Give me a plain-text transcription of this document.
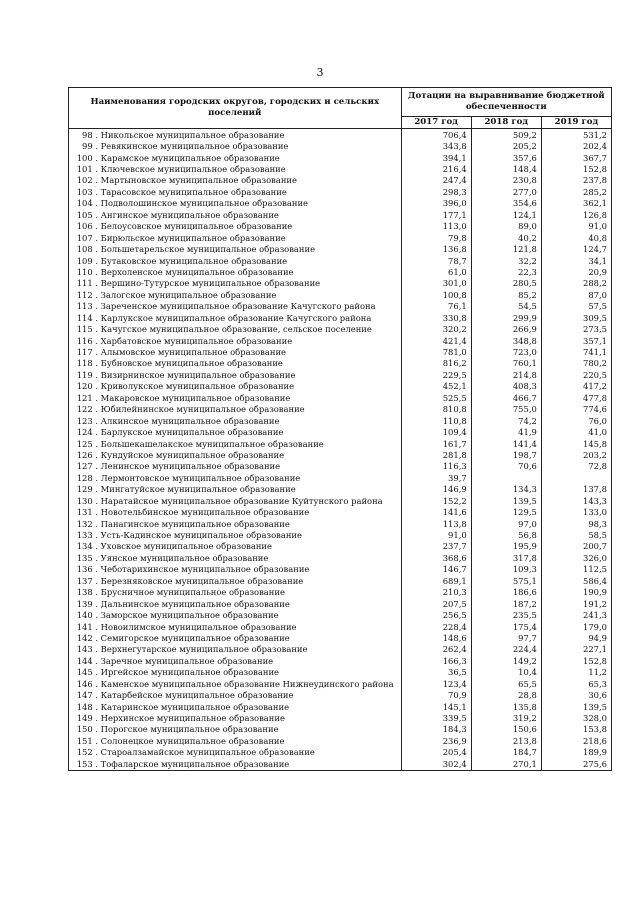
3
Наименования городских округов, городских и сельских поселений	Дотации на выравнивание бюджетной обеспеченности		
	2017 год	2018 год	2019 год
98 . Никольское муниципальное образование	706,4	509,2	531,2
99 . Ревякинское муниципальное образование	343,8	205,2	202,4
100 . Карамское муниципальное образование	394,1	357,6	367,7
101 . Ключевское муниципальное образование	216,4	148,4	152,8
102 . Мартыновское муниципальное образование	247,4	230,8	237,8
103 . Тарасовское муниципальное образование	298,3	277,0	285,2
104 . Подволошинское муниципальное образование	396,0	354,6	362,1
105 . Ангинское муниципальное образование	177,1	124,1	126,8
106 . Белоусовское муниципальное образование	113,0	89,0	91,0
107 . Бирюльское муниципальное образование	79,8	40,2	40,8
108 . Большетарельское муниципальное образование	136,8	121,8	124,7
109 . Бутаковское муниципальное образование	78,7	32,2	34,1
110 . Верхоленское муниципальное образование	61,0	22,3	20,9
111 . Вершино-Тутурское муниципальное образование	301,0	280,5	288,2
112 . Залогское муниципальное образование	100,8	85,2	87,0
113 . Зареченское муниципальное образование Качугского района	76,1	54,5	57,5
114 . Карлукское муниципальное образование Качугского района	330,8	299,9	309,5
115 . Качугское муниципальное образование, сельское поселение	320,2	266,9	273,5
116 . Харбатовское муниципальное образование	421,4	348,8	357,1
117 . Алымовское муниципальное образование	781,0	723,0	741,1
118 . Бубновское муниципальное образование	816,2	760,1	780,2
119 . Визирнинское муниципальное образование	229,5	214,8	220,5
120 . Криволукское муниципальное образование	452,1	408,3	417,2
121 . Макаровское муниципальное образование	525,5	466,7	477,8
122 . Юбилейнинское муниципальное образование	810,8	755,0	774,6
123 . Алкинское муниципальное образование	110,8	74,2	76,0
124 . Барлукское муниципальное образование	109,4	41,9	41,0
125 . Большекашелакское муниципальное образование	161,7	141,4	145,8
126 . Кундуйское муниципальное образование	281,8	198,7	203,2
127 . Ленинское муниципальное образование	116,3	70,6	72,8
128 . Лермонтовское муниципальное образование	39,7		
129 . Мингатуйское муниципальное образование	146,9	134,3	137,8
130 . Наратайское муниципальное образование Куйтунского района	152,2	139,5	143,3
131 . Новотельбинское муниципальное образование	141,6	129,5	133,0
132 . Панагинское муниципальное образование	113,8	97,0	98,3
133 . Усть-Кадинское муниципальное образование	91,0	56,8	58,5
134 . Уховское муниципальное образование	237,7	195,9	200,7
135 . Уянское муниципальное образование	368,6	317,8	326,0
136 . Чеботарихинское муниципальное образование	146,7	109,3	112,5
137 . Березняковское муниципальное образование	689,1	575,1	586,4
138 . Брусничное муниципальное образование	210,3	186,6	190,9
139 . Дальнинское муниципальное образование	207,5	187,2	191,2
140 . Заморское муниципальное образование	256,5	235,5	241,3
141 . Новоилимское муниципальное образование	228,4	175,4	179,0
142 . Семигорское муниципальное образование	148,6	97,7	94,9
143 . Верхнегутарское муниципальное образование	262,4	224,4	227,1
144 . Заречное муниципальное образование	166,3	149,2	152,8
145 . Иргейское муниципальное образование	36,5	10,4	11,2
146 . Каменское муниципальное образование Нижнеудинского района	123,4	65,5	65,3
147 . Катарбейское муниципальное образование	70,9	28,8	30,6
148 . Катаринское муниципальное образование	145,1	135,8	139,5
149 . Нерхинское муниципальное образование	339,5	319,2	328,0
150 . Порогское муниципальное образование	184,3	150,6	153,8
151 . Солонецкое муниципальное образование	236,9	213,8	218,6
152 . Староалзамайское муниципальное образование	205,4	184,7	189,9
153 . Тофаларское муниципальное образование	302,4	270,1	275,6
